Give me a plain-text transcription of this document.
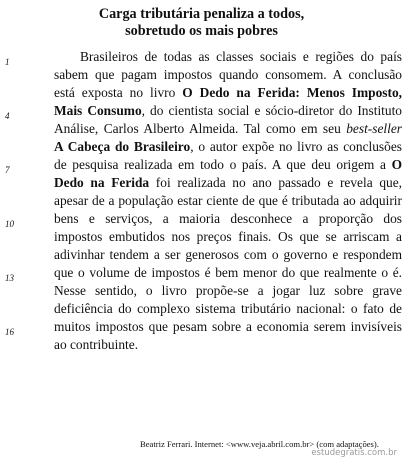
Carga tributária penaliza a todos,
sobretudo os mais pobres
1
4
7
10
13
16
Brasileiros de todas as classes sociais e regiões do país
sabem que pagam impostos quando consomem. A conclusão
está exposta no livro O Dedo na Ferida: Menos Imposto,
Mais Consumo, do cientista social e sócio-diretor do Instituto
Análise, Carlos Alberto Almeida. Tal como em seu best-seller
A Cabeça do Brasileiro, o autor expõe no livro as conclusões
de pesquisa realizada em todo o país. A que deu origem a O
Dedo na Ferida foi realizada no ano passado e revela que,
apesar de a população estar ciente de que é tributada ao adquirir
bens e serviços, a maioria desconhece a proporção dos
impostos embutidos nos preços finais. Os que se arriscam a
adivinhar tendem a ser generosos com o governo e respondem
que o volume de impostos é bem menor do que realmente o é.
Nesse sentido, o livro propõe-se a jogar luz sobre grave
deficiência do complexo sistema tributário nacional: o fato de
muitos impostos que pesam sobre a economia serem invisíveis
ao contribuinte.
Beatriz Ferrari. Internet: <www.veja.abril.com.br> (com adaptações).
estudegratis.com.br
